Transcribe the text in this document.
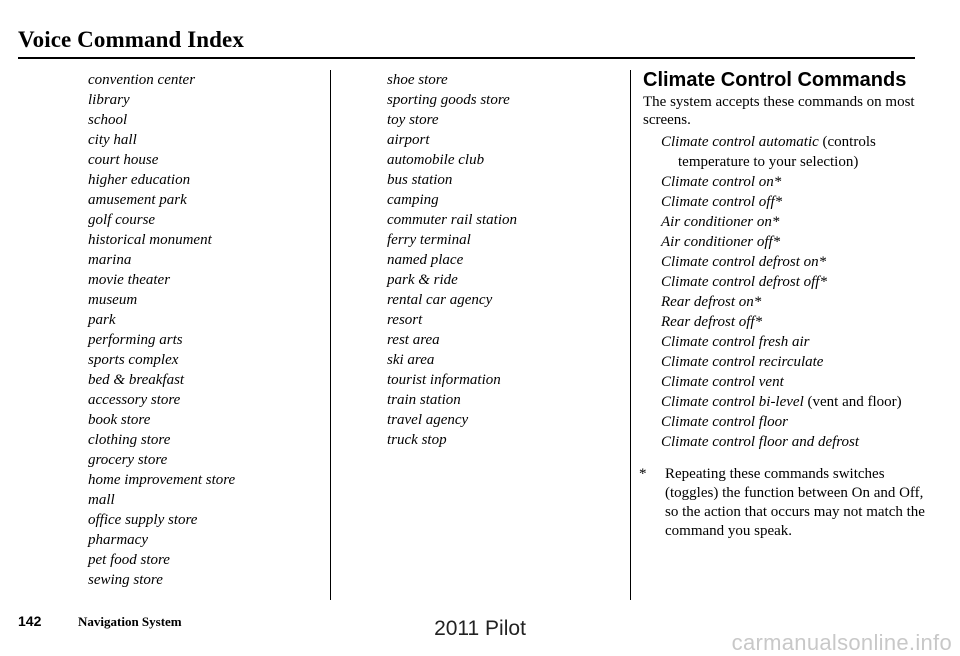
Voice Command Index
convention center
library
school
city hall
court house
higher education
amusement park
golf course
historical monument
marina
movie theater
museum
park
performing arts
sports complex
bed & breakfast
accessory store
book store
clothing store
grocery store
home improvement store
mall
office supply store
pharmacy
pet food store
sewing store
shoe store
sporting goods store
toy store
airport
automobile club
bus station
camping
commuter rail station
ferry terminal
named place
park & ride
rental car agency
resort
rest area
ski area
tourist information
train station
travel agency
truck stop
Climate Control Commands
The system accepts these commands on most screens.
Climate control automatic (controls temperature to your selection)
Climate control on*
Climate control off*
Air conditioner on*
Air conditioner off*
Climate control defrost on*
Climate control defrost off*
Rear defrost on*
Rear defrost off*
Climate control fresh air
Climate control recirculate
Climate control vent
Climate control bi-level (vent and floor)
Climate control floor
Climate control floor and defrost
* Repeating these commands switches (toggles) the function between On and Off, so the action that occurs may not match the command you speak.
142	Navigation System	2011 Pilot
carmanualsonline.info
